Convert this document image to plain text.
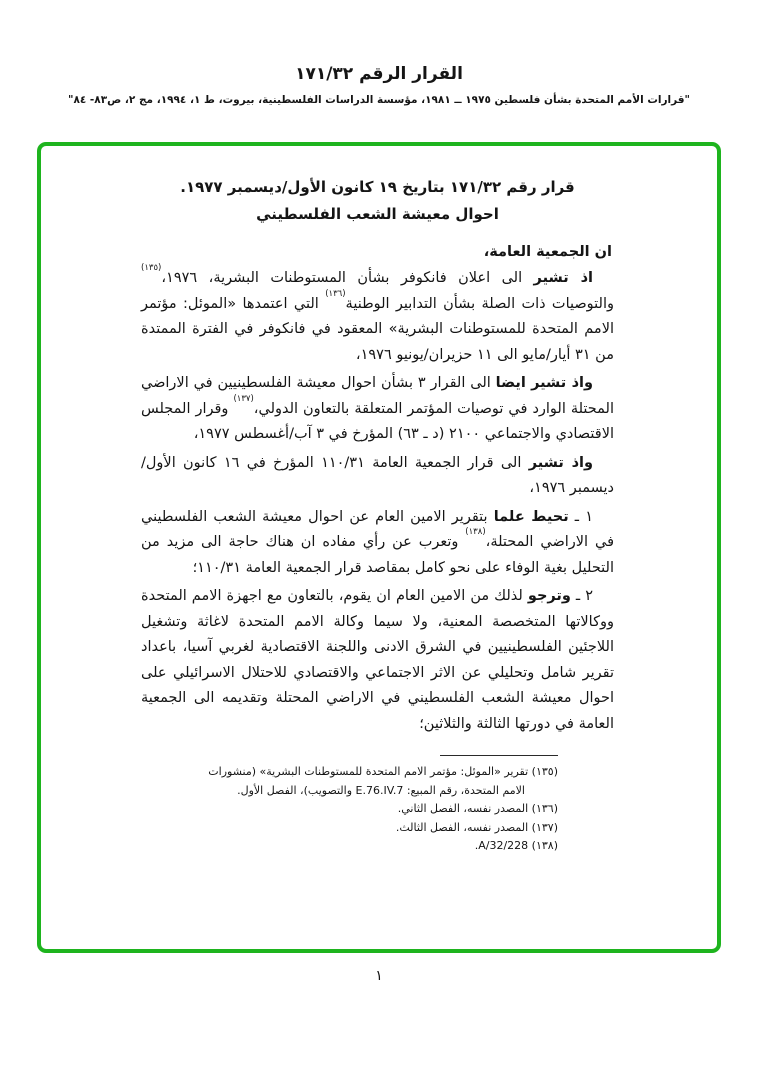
القرار الرقم ١٧١/٣٢
"قرارات الأمم المتحدة بشأن فلسطين ١٩٧٥ ــ ١٩٨١، مؤسسة الدراسات الفلسطينية، بيروت، ط ١، ١٩٩٤، مج ٢، ص٨٣- ٨٤"
قرار رقم ١٧١/٣٢ بتاريخ ١٩ كانون الأول/ديسمبر ١٩٧٧.
احوال معيشة الشعب الفلسطيني

ان الجمعية العامة،

اذ تشير الى اعلان فانكوفر بشأن المستوطنات البشرية، ١٩٧٦،$^{(١٣٥)}$ والتوصيات ذات الصلة بشأن التدابير الوطنية$^{(١٣٦)}$ التي اعتمدها «الموئل: مؤتمر الامم المتحدة للمستوطنات البشرية» المعقود في فانكوفر في الفترة الممتدة من ٣١ أيار/مايو الى ١١ حزيران/يونيو ١٩٧٦،

واذ تشير ايضا الى القرار ٣ بشأن احوال معيشة الفلسطينيين في الاراضي المحتلة الوارد في توصيات المؤتمر المتعلقة بالتعاون الدولي،$^{(١٣٧)}$ وقرار المجلس الاقتصادي والاجتماعي ٢١٠٠ (د ـ ٦٣) المؤرخ في ٣ آب/أغسطس ١٩٧٧،

واذ تشير الى قرار الجمعية العامة ١١٠/٣١ المؤرخ في ١٦ كانون الأول/ديسمبر ١٩٧٦،

١ ـ تحيط علما بتقرير الامين العام عن احوال معيشة الشعب الفلسطيني في الاراضي المحتلة،$^{(١٣٨)}$ وتعرب عن رأي مفاده ان هناك حاجة الى مزيد من التحليل بغية الوفاء على نحو كامل بمقاصد قرار الجمعية العامة ١١٠/٣١؛

٢ ـ وترجو لذلك من الامين العام ان يقوم، بالتعاون مع اجهزة الامم المتحدة ووكالاتها المتخصصة المعنية، ولا سيما وكالة الامم المتحدة لاغاثة وتشغيل اللاجئين الفلسطينيين في الشرق الادنى واللجنة الاقتصادية لغربي آسيا، باعداد تقرير شامل وتحليلي عن الاثر الاجتماعي والاقتصادي للاحتلال الاسرائيلي على احوال معيشة الشعب الفلسطيني في الاراضي المحتلة وتقديمه الى الجمعية العامة في دورتها الثالثة والثلاثين؛

(١٣٥) تقرير «الموئل: مؤتمر الامم المتحدة للمستوطنات البشرية» (منشورات الامم المتحدة، رقم المبيع: E.76.IV.7 والتصويب)، الفصل الأول.
(١٣٦) المصدر نفسه، الفصل الثاني.
(١٣٧) المصدر نفسه، الفصل الثالث.
(١٣٨) A/32/228.
١
